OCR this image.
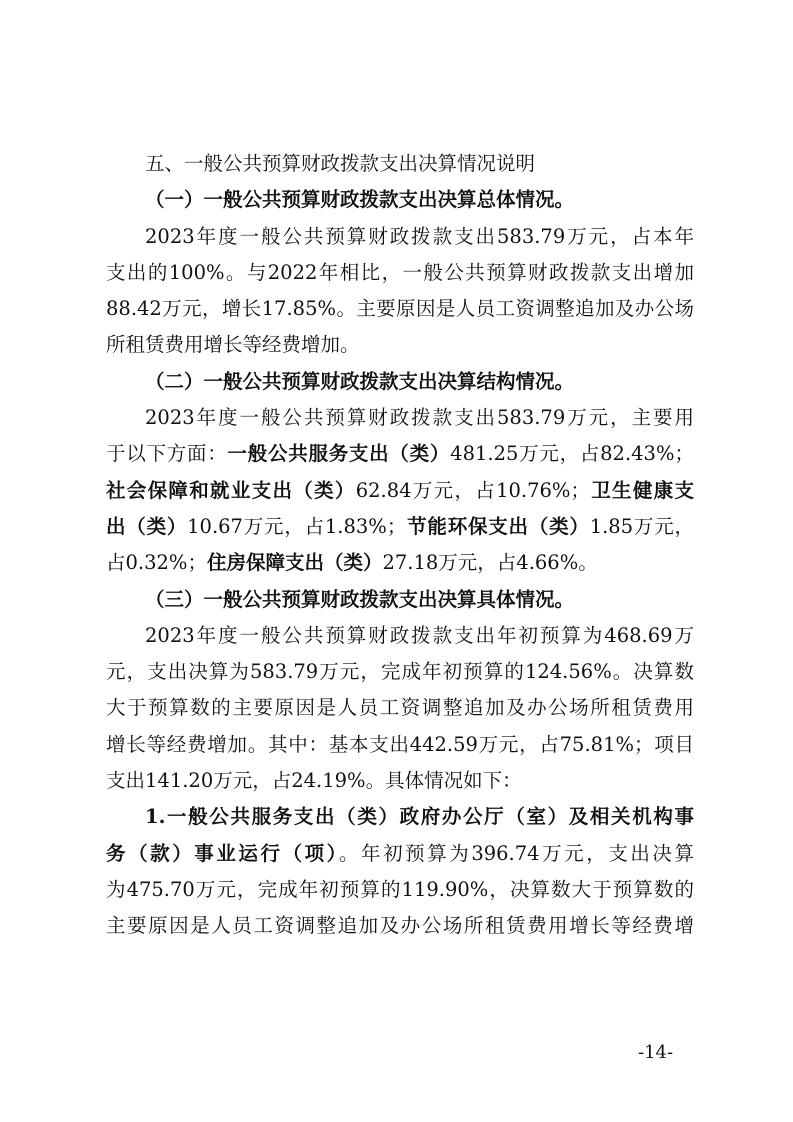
五、一般公共预算财政拨款支出决算情况说明
（一）一般公共预算财政拨款支出决算总体情况。
2023年度一般公共预算财政拨款支出583.79万元，占本年
支出的100%。与2022年相比，一般公共预算财政拨款支出增加
88.42万元，增长17.85%。主要原因是人员工资调整追加及办公场
所租赁费用增长等经费增加。
（二）一般公共预算财政拨款支出决算结构情况。
2023年度一般公共预算财政拨款支出583.79万元，主要用
于以下方面：一般公共服务支出（类）481.25万元，占82.43%；
社会保障和就业支出（类）62.84万元，占10.76%；卫生健康支
出（类）10.67万元，占1.83%；节能环保支出（类）1.85万元，
占0.32%；住房保障支出（类）27.18万元，占4.66%。
（三）一般公共预算财政拨款支出决算具体情况。
2023年度一般公共预算财政拨款支出年初预算为468.69万
元，支出决算为583.79万元，完成年初预算的124.56%。决算数
大于预算数的主要原因是人员工资调整追加及办公场所租赁费用
增长等经费增加。其中：基本支出442.59万元，占75.81%；项目
支出141.20万元，占24.19%。具体情况如下：
1.一般公共服务支出（类）政府办公厅（室）及相关机构事
务（款）事业运行（项）。年初预算为396.74万元，支出决算
为475.70万元，完成年初预算的119.90%，决算数大于预算数的
主要原因是人员工资调整追加及办公场所租赁费用增长等经费增
-14-
